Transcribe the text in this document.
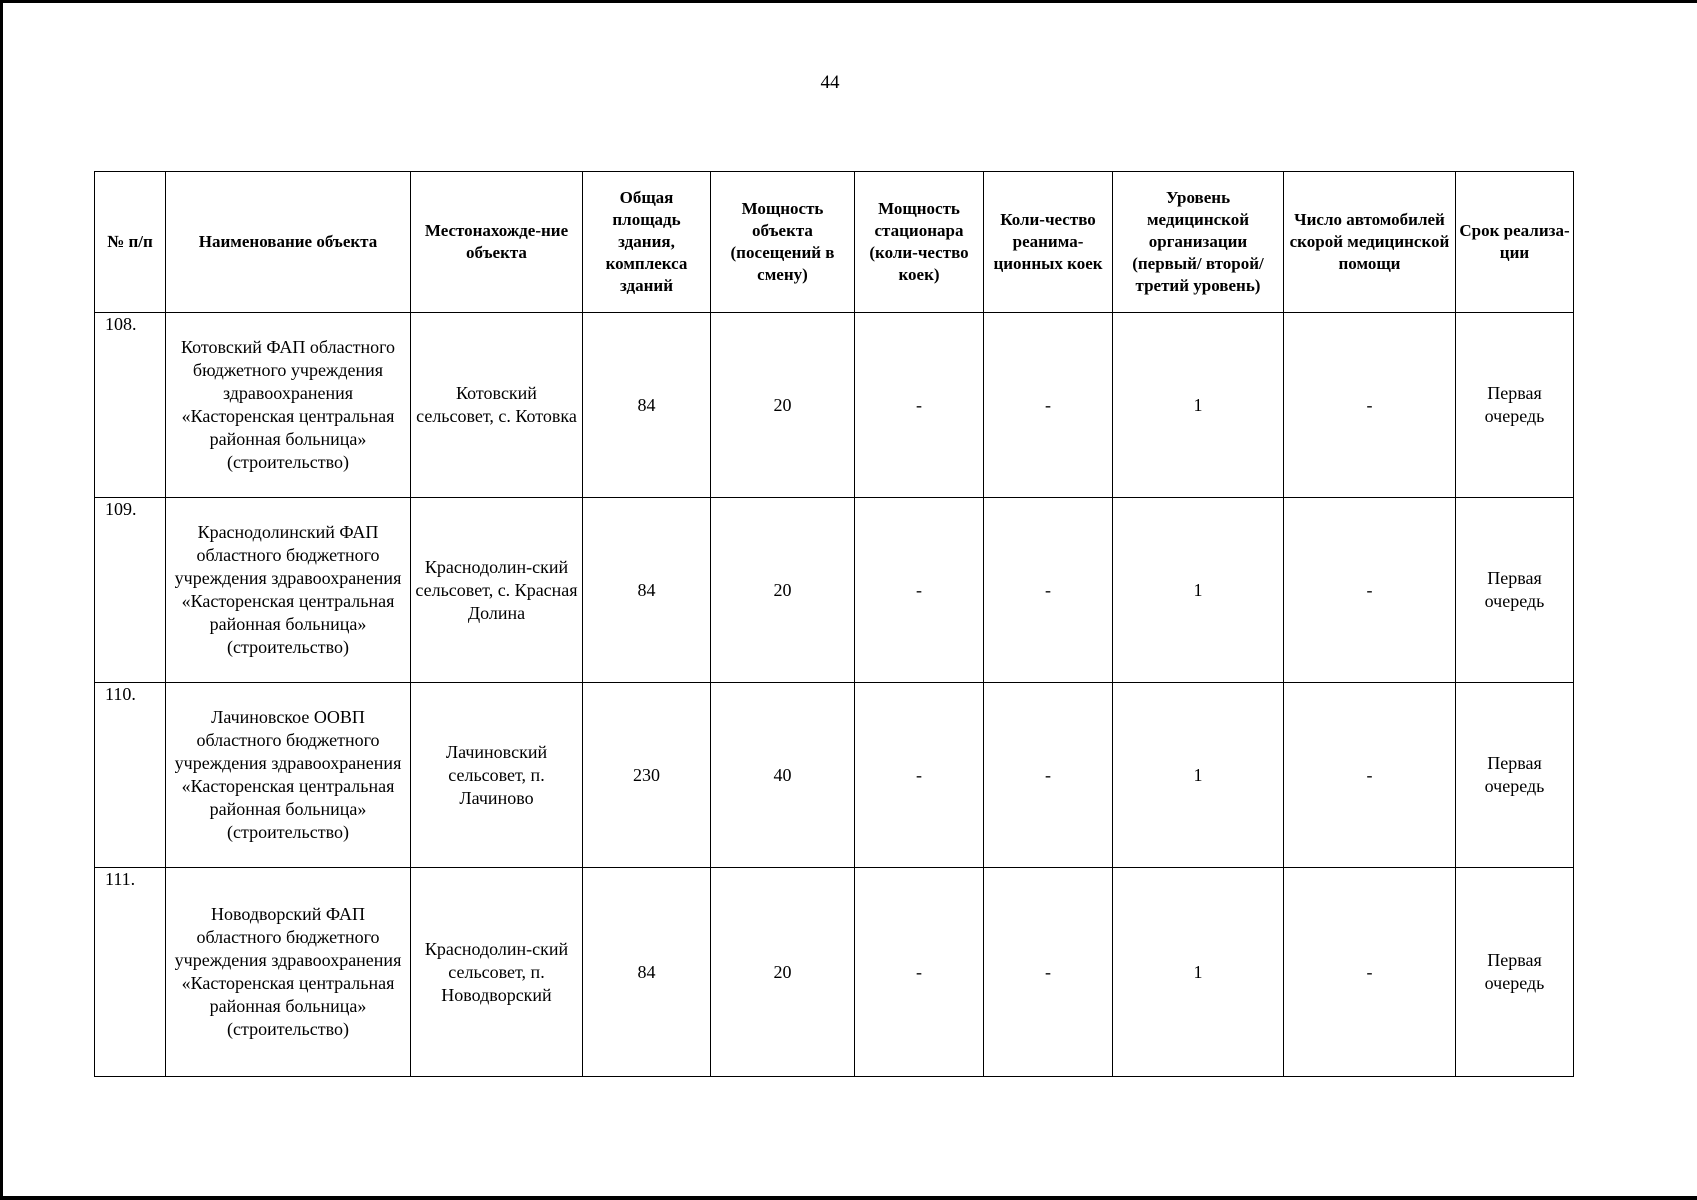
44
№ п/п	Наименование объекта	Местонахожде-ние объекта	Общая площадь здания, комплекса зданий	Мощность объекта (посещений в смену)	Мощность стационара (коли-чество коек)	Коли-чество реанима-ционных коек	Уровень медицинской организации (первый/ второй/ третий уровень)	Число автомобилей скорой медицинской помощи	Срок реализа-ции
108.	Котовский ФАП областного бюджетного учреждения здравоохранения «Касторенская центральная районная больница» (строительство)	Котовский сельсовет, с. Котовка	84	20	-	-	1	-	Первая очередь
109.	Краснодолинский ФАП областного бюджетного учреждения здравоохранения «Касторенская центральная районная больница» (строительство)	Краснодолин-ский сельсовет, с. Красная Долина	84	20	-	-	1	-	Первая очередь
110.	Лачиновское ООВП областного бюджетного учреждения здравоохранения «Касторенская центральная районная больница» (строительство)	Лачиновский сельсовет, п. Лачиново	230	40	-	-	1	-	Первая очередь
111.	Новодворский ФАП областного бюджетного учреждения здравоохранения «Касторенская центральная районная больница» (строительство)	Краснодолин-ский сельсовет, п. Новодворский	84	20	-	-	1	-	Первая очередь
